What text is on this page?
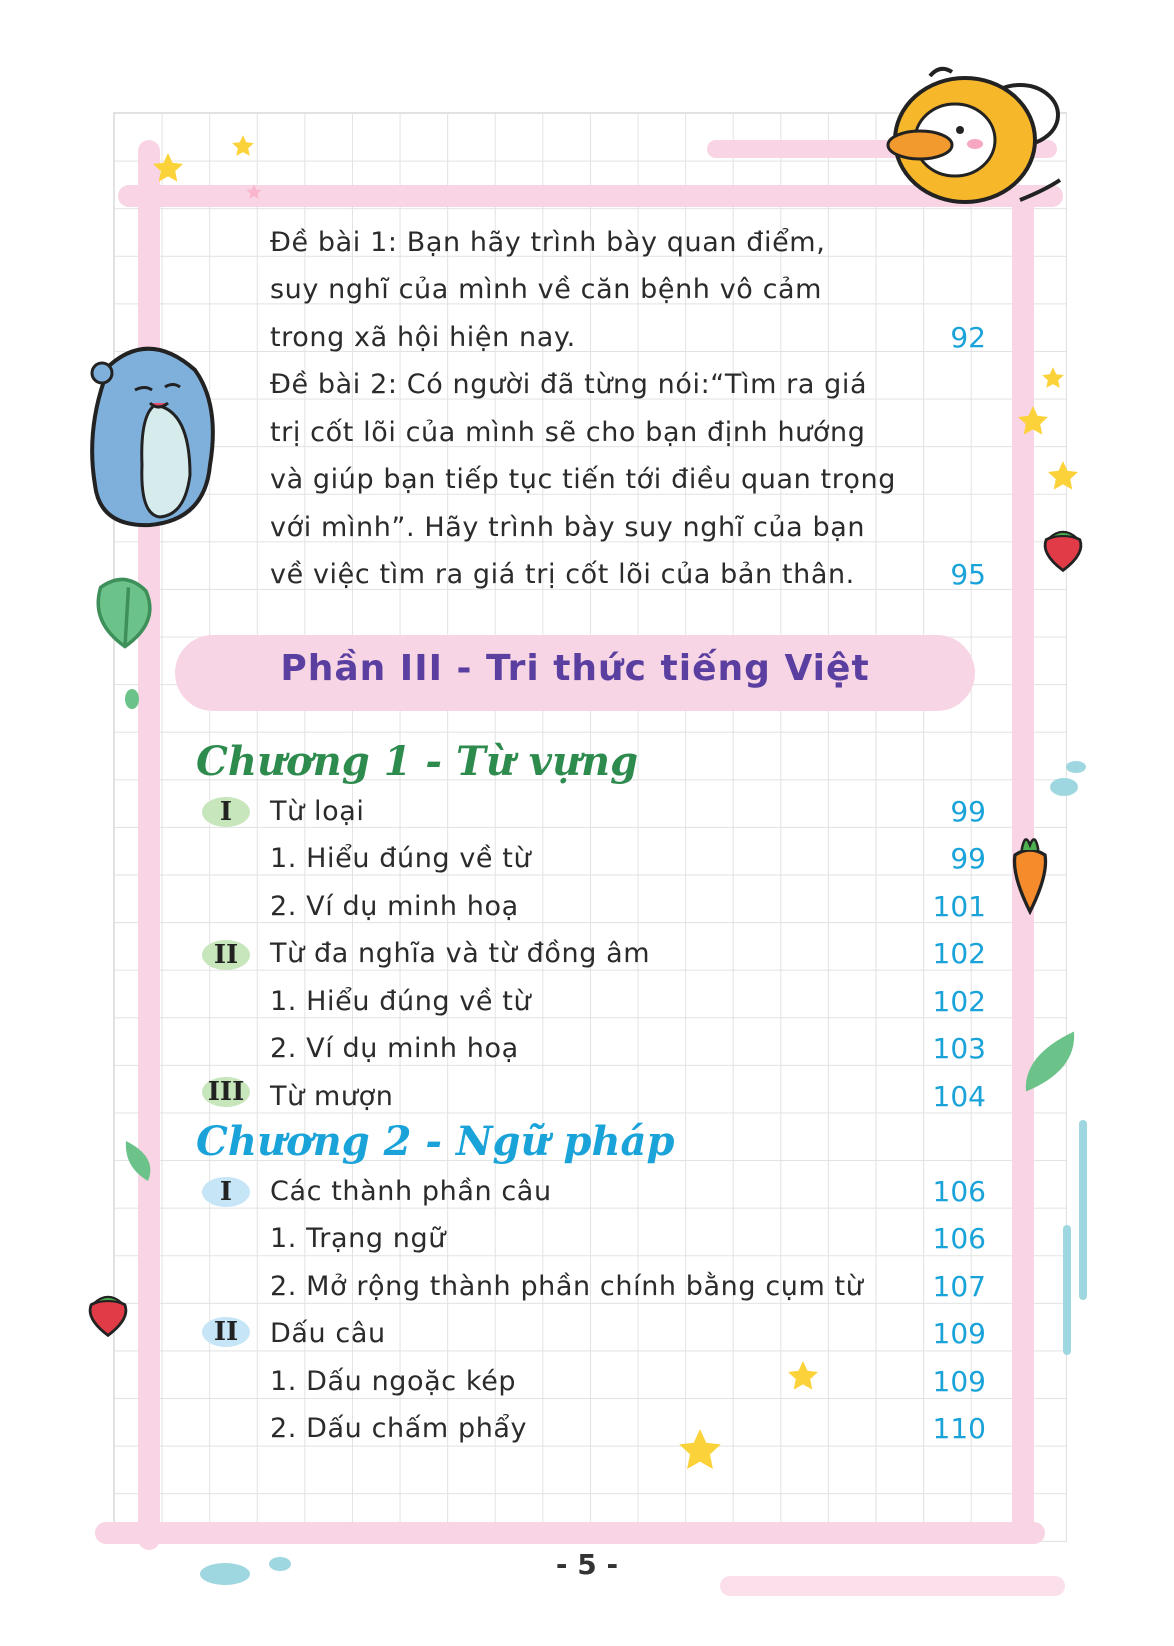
Đề bài 1: Bạn hãy trình bày quan điểm,
suy nghĩ của mình về căn bệnh vô cảm
trong xã hội hiện nay.	92
Đề bài 2: Có người đã từng nói:“Tìm ra giá
trị cốt lõi của mình sẽ cho bạn định hướng
và giúp bạn tiếp tục tiến tới điều quan trọng
với mình”. Hãy trình bày suy nghĩ của bạn
về việc tìm ra giá trị cốt lõi của bản thân.	95
Phần III - Tri thức tiếng Việt
Chương 1 - Từ vựng
I	Từ loại	99
1. Hiểu đúng về từ	99
2. Ví dụ minh hoạ	101
II	Từ đa nghĩa và từ đồng âm	102
1. Hiểu đúng về từ	102
2. Ví dụ minh hoạ	103
III Từ mượn	104
Chương 2 - Ngữ pháp
I	Các thành phần câu	106
1. Trạng ngữ	106
2. Mở rộng thành phần chính bằng cụm từ 107
II	Dấu câu	109
1. Dấu ngoặc kép	109
2. Dấu chấm phẩy	110
- 5 -
